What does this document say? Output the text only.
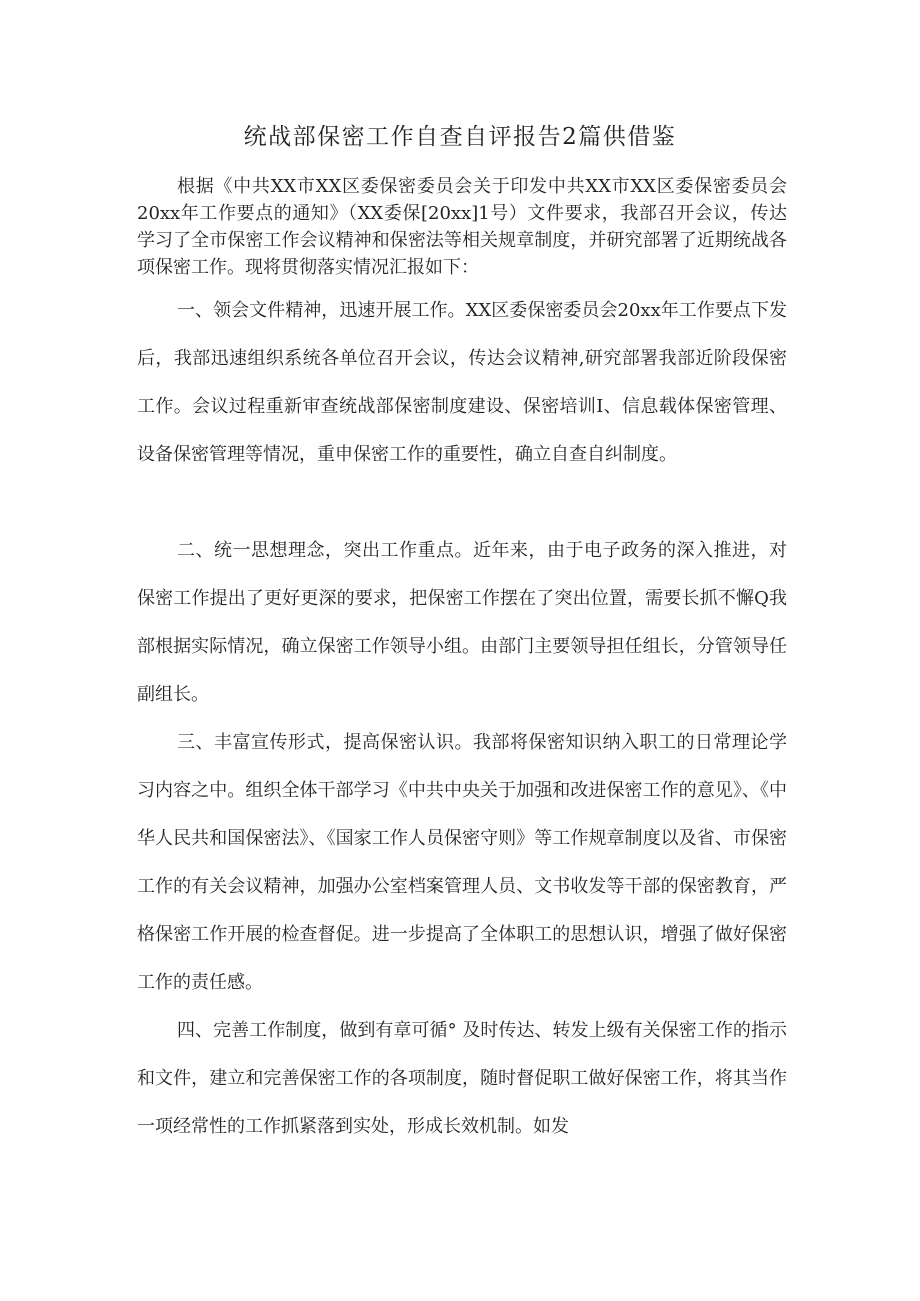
统战部保密工作自查自评报告2篇供借鉴
根据《中共XX市XX区委保密委员会关于印发中共XX市XX区委保密委员会20xx年工作要点的通知》（XX委保[20xx]1号）文件要求，我部召开会议，传达学习了全市保密工作会议精神和保密法等相关规章制度，并研究部署了近期统战各项保密工作。现将贯彻落实情况汇报如下：
一、领会文件精神，迅速开展工作。XX区委保密委员会20xx年工作要点下发后，我部迅速组织系统各单位召开会议，传达会议精神,研究部署我部近阶段保密工作。会议过程重新审查统战部保密制度建设、保密培训I、信息载体保密管理、设备保密管理等情况，重申保密工作的重要性，确立自查自纠制度。
二、统一思想理念，突出工作重点。近年来，由于电子政务的深入推进，对保密工作提出了更好更深的要求，把保密工作摆在了突出位置，需要长抓不懈Q我部根据实际情况，确立保密工作领导小组。由部门主要领导担任组长，分管领导任副组长。
三、丰富宣传形式，提高保密认识。我部将保密知识纳入职工的日常理论学习内容之中。组织全体干部学习《中共中央关于加强和改进保密工作的意见》、《中华人民共和国保密法》、《国家工作人员保密守则》等工作规章制度以及省、市保密工作的有关会议精神，加强办公室档案管理人员、文书收发等干部的保密教育，严格保密工作开展的检查督促。进一步提高了全体职工的思想认识，增强了做好保密工作的责任感。
四、完善工作制度，做到有章可循° 及时传达、转发上级有关保密工作的指示和文件，建立和完善保密工作的各项制度，随时督促职工做好保密工作，将其当作一项经常性的工作抓紧落到实处，形成长效机制。如发
